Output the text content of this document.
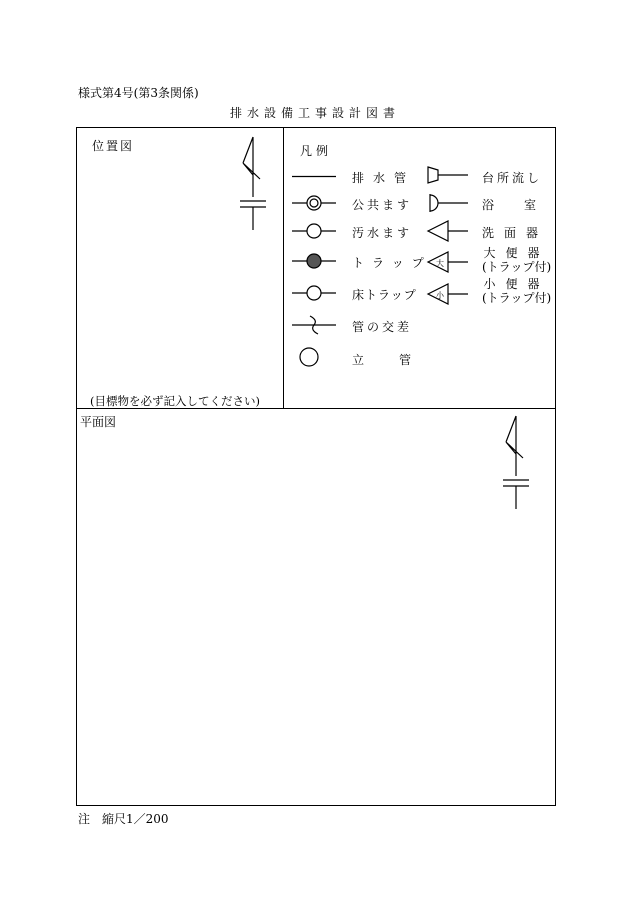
様式第4号(第3条関係)
排水設備工事設計図書
位置図
(目標物を必ず記入してください)
凡例
排水管
公共ます
汚水ます
トラップ
床トラップ
管の交差
立管
台所流し
浴室
洗面器
大
大便器
(トラップ付)
小
小便器
(トラップ付)
平面図
注　縮尺1／200
